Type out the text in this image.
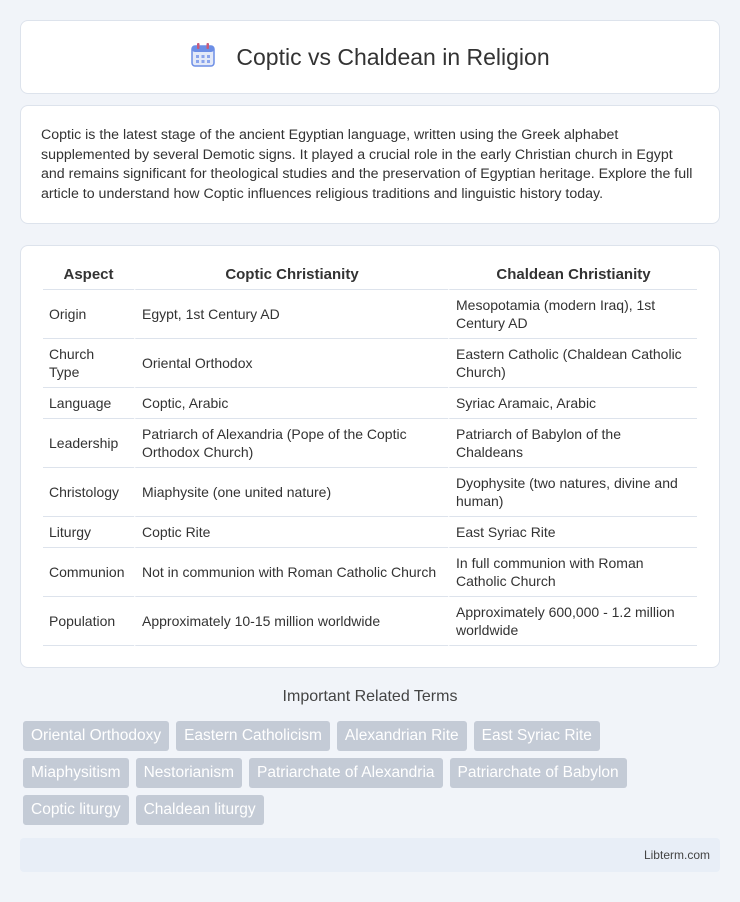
Coptic vs Chaldean in Religion

Coptic is the latest stage of the ancient Egyptian language, written using the Greek alphabet supplemented by several Demotic signs. It played a crucial role in the early Christian church in Egypt and remains significant for theological studies and the preservation of Egyptian heritage. Explore the full article to understand how Coptic influences religious traditions and linguistic history today.

Aspect	Coptic Christianity	Chaldean Christianity
Origin	Egypt, 1st Century AD	Mesopotamia (modern Iraq), 1st Century AD
Church Type	Oriental Orthodox	Eastern Catholic (Chaldean Catholic Church)
Language	Coptic, Arabic	Syriac Aramaic, Arabic
Leadership	Patriarch of Alexandria (Pope of the Coptic Orthodox Church)	Patriarch of Babylon of the Chaldeans
Christology	Miaphysite (one united nature)	Dyophysite (two natures, divine and human)
Liturgy	Coptic Rite	East Syriac Rite
Communion	Not in communion with Roman Catholic Church	In full communion with Roman Catholic Church
Population	Approximately 10-15 million worldwide	Approximately 600,000 - 1.2 million worldwide
Important Related Terms
Oriental Orthodoxy	Eastern Catholicism	Alexandrian Rite	East Syriac Rite
Miaphysitism	Nestorianism	Patriarchate of Alexandria	Patriarchate of Babylon
Coptic liturgy	Chaldean liturgy
Libterm.com
